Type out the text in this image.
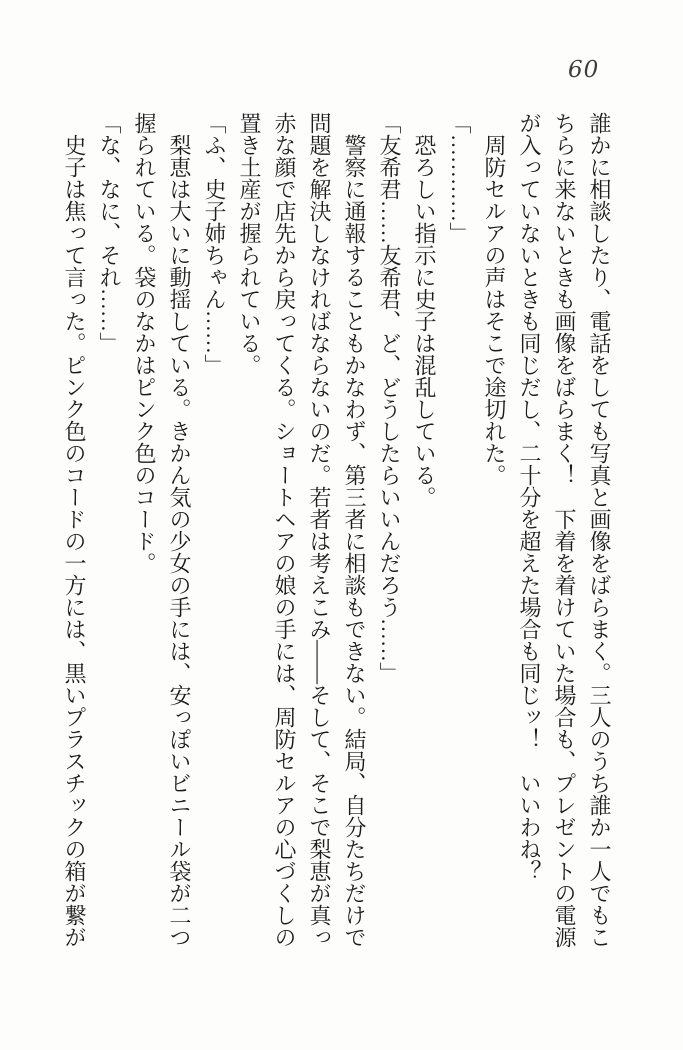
60

誰かに相談したり、電話をしても写真と画像をばらまく。三人のうち誰か一人でもこちらに来ないときも画像をばらまく！　下着を着けていた場合も、プレゼントの電源が入っていないときも同じだし、二十分を超えた場合も同じッ！　いいわね？

周防セルアの声はそこで途切れた。

「…………」

恐ろしい指示に史子は混乱している。

「友希君……友希君、ど、どうしたらいいんだろう……」

警察に通報することもかなわず、第三者に相談もできない。結局、自分たちだけで問題を解決しなければならないのだ。若者は考えこみ――そして、そこで梨恵が真っ赤な顔で店先から戻ってくる。ショートヘアの娘の手には、周防セルアの心づくしの置き土産が握られている。

「ふ、史子姉ちゃん……」

梨恵は大いに動揺している。きかん気の少女の手には、安っぽいビニール袋が二つ握られている。袋のなかはピンク色のコード。

「な、なに、それ……」

史子は焦って言った。ピンク色のコードの一方には、黒いプラスチックの箱が繋が
